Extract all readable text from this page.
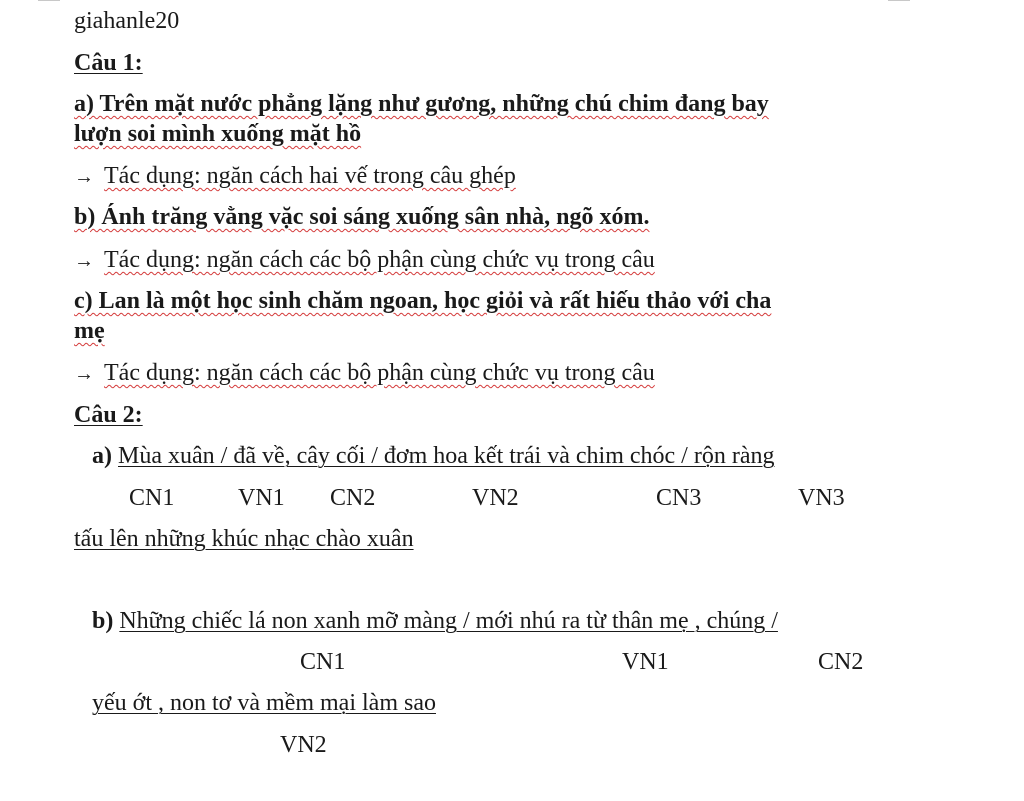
giahanle20
Câu 1:
a) Trên mặt nước phẳng lặng như gương, những chú chim đang bay
lượn soi mình xuống mặt hồ
→ Tác dụng: ngăn cách hai vế trong câu ghép
b) Ánh trăng vằng vặc soi sáng xuống sân nhà, ngõ xóm.
→ Tác dụng: ngăn cách các bộ phận cùng chức vụ trong câu
c) Lan là một học sinh chăm ngoan, học giỏi và rất hiếu thảo với cha
mẹ
→ Tác dụng: ngăn cách các bộ phận cùng chức vụ trong câu
Câu 2:
a) Mùa xuân / đã về, cây cối / đơm hoa kết trái và chim chóc / rộn ràng
CN1	VN1 CN2	VN2	CN3	VN3
tấu lên những khúc nhạc chào xuân
b) Những chiếc lá non xanh mỡ màng / mới nhú ra từ thân mẹ , chúng /
CN1	VN1	CN2
yếu ớt , non tơ và mềm mại làm sao
VN2
